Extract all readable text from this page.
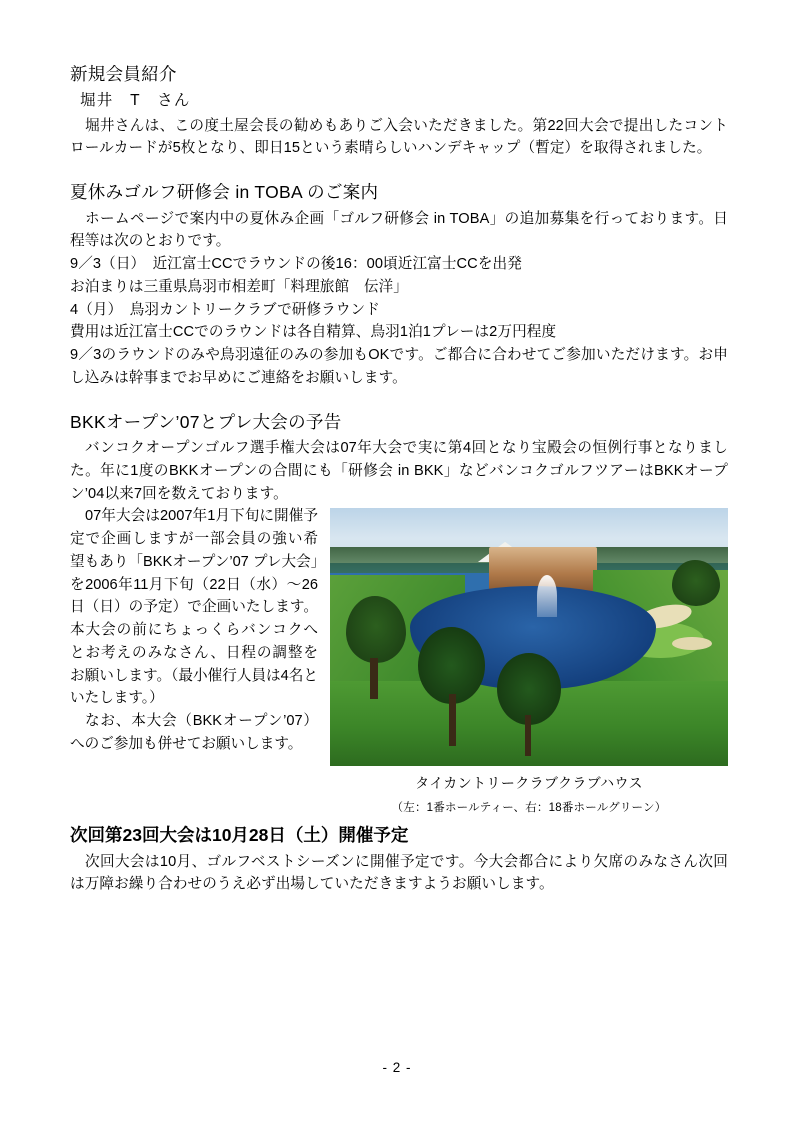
新規会員紹介
堀井　T　さん

堀井さんは、この度土屋会長の勧めもありご入会いただきました。第22回大会で提出したコントロールカードが5枚となり、即日15という素晴らしいハンデキャップ（暫定）を取得されました。

夏休みゴルフ研修会 in TOBA のご案内

ホームページで案内中の夏休み企画「ゴルフ研修会 in TOBA」の追加募集を行っております。日程等は次のとおりです。

9／3（日）　近江富士CCでラウンドの後16：00頃近江富士CCを出発

お泊まりは三重県鳥羽市相差町「料理旅館　伝洋」

4（月）　鳥羽カントリークラブで研修ラウンド

費用は近江富士CCでのラウンドは各自精算、鳥羽1泊1プレーは2万円程度

9／3のラウンドのみや鳥羽遠征のみの参加もOKです。ご都合に合わせてご参加いただけます。お申し込みは幹事までお早めにご連絡をお願いします。

BKKオープン’07とプレ大会の予告

バンコクオープンゴルフ選手権大会は07年大会で実に第4回となり宝殿会の恒例行事となりました。年に1度のBKKオープンの合間にも「研修会 in BKK」などバンコクゴルフツアーはBKKオープン’04以来7回を数えております。

タイカントリークラブクラブハウス
（左：1番ホールティー、右：18番ホールグリーン）

07年大会は2007年1月下旬に開催予定で企画しますが一部会員の強い希望もあり「BKKオープン’07 プレ大会」を2006年11月下旬（22日（水）～26日（日）の予定）で企画いたします。本大会の前にちょっくらバンコクへとお考えのみなさん、日程の調整をお願いします。（最小催行人員は4名といたします。）

なお、本大会（BKKオープン’07）へのご参加も併せてお願いします。

次回第23回大会は10月28日（土）開催予定

次回大会は10月、ゴルフベストシーズンに開催予定です。今大会都合により欠席のみなさん次回は万障お繰り合わせのうえ必ず出場していただきますようお願いします。

- 2 -
